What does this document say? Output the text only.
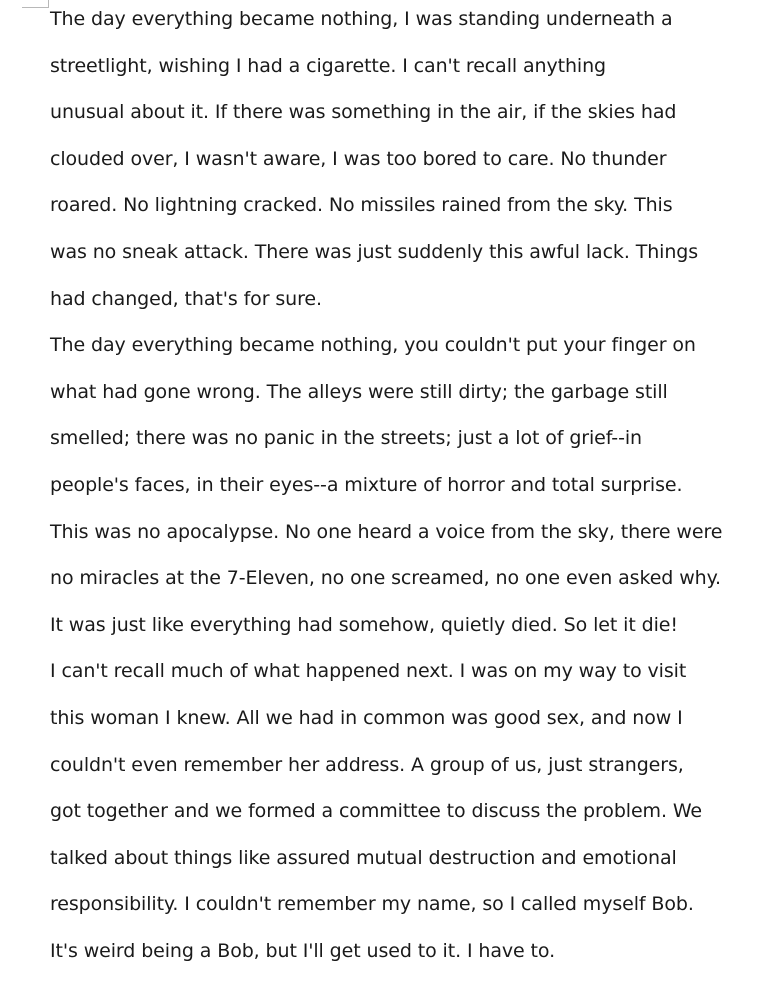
The day everything became nothing, I was standing underneath a
streetlight, wishing I had a cigarette. I can't recall anything
unusual about it. If there was something in the air, if the skies had
clouded over, I wasn't aware, I was too bored to care. No thunder
roared. No lightning cracked. No missiles rained from the sky. This
was no sneak attack. There was just suddenly this awful lack. Things
had changed, that's for sure.
The day everything became nothing, you couldn't put your finger on
what had gone wrong. The alleys were still dirty; the garbage still
smelled; there was no panic in the streets; just a lot of grief--in
people's faces, in their eyes--a mixture of horror and total surprise.
This was no apocalypse. No one heard a voice from the sky, there were
no miracles at the 7-Eleven, no one screamed, no one even asked why.
It was just like everything had somehow, quietly died. So let it die!
I can't recall much of what happened next. I was on my way to visit
this woman I knew. All we had in common was good sex, and now I
couldn't even remember her address. A group of us, just strangers,
got together and we formed a committee to discuss the problem. We
talked about things like assured mutual destruction and emotional
responsibility. I couldn't remember my name, so I called myself Bob.
It's weird being a Bob, but I'll get used to it. I have to.
